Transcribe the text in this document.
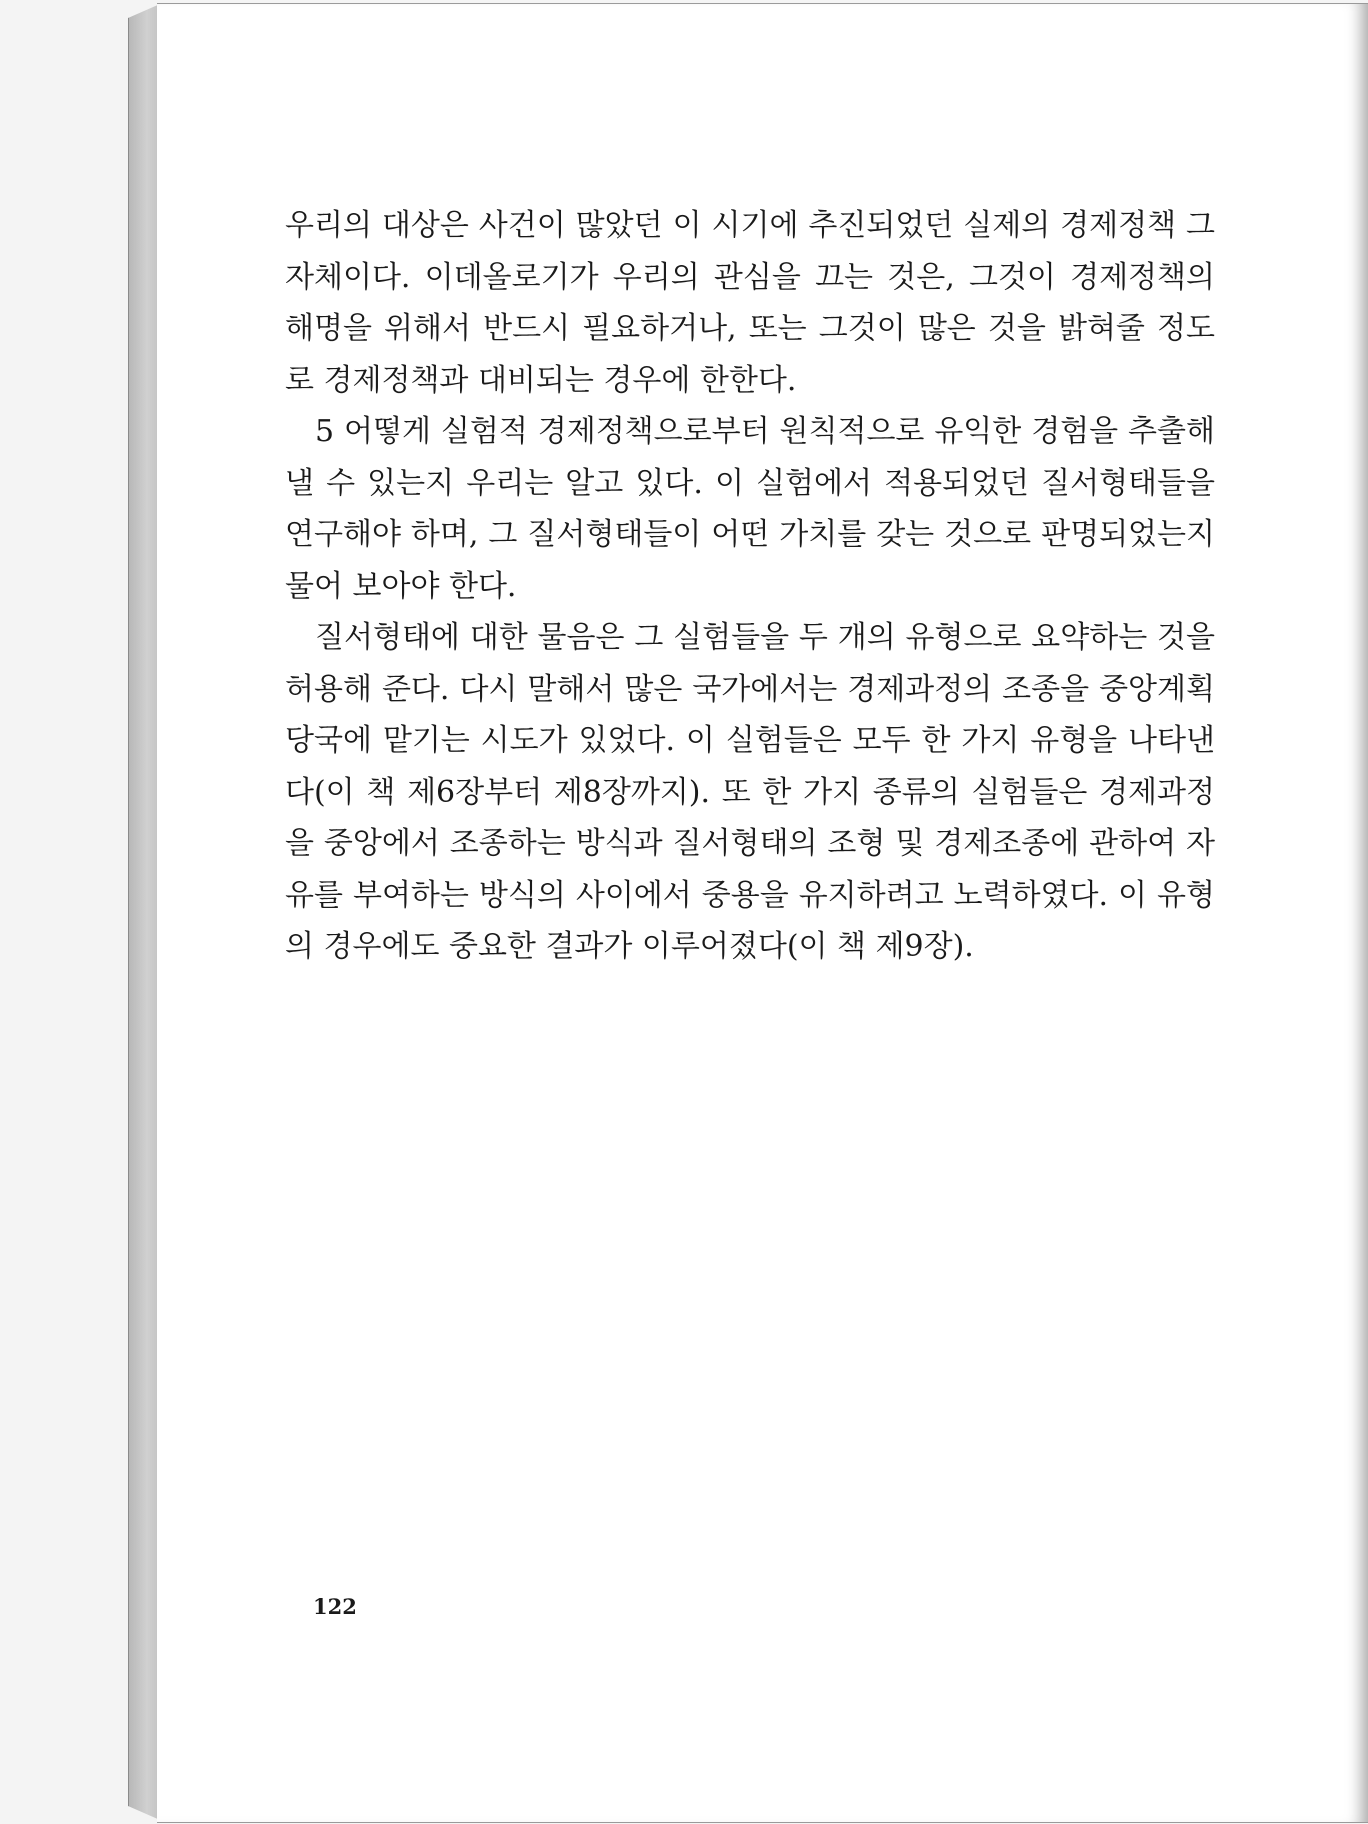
우리의 대상은 사건이 많았던 이 시기에 추진되었던 실제의 경제정책 그 자체이다. 이데올로기가 우리의 관심을 끄는 것은, 그것이 경제정책의 해명을 위해서 반드시 필요하거나, 또는 그것이 많은 것을 밝혀줄 정도로 경제정책과 대비되는 경우에 한한다.

5 어떻게 실험적 경제정책으로부터 원칙적으로 유익한 경험을 추출해 낼 수 있는지 우리는 알고 있다. 이 실험에서 적용되었던 질서형태들을 연구해야 하며, 그 질서형태들이 어떤 가치를 갖는 것으로 판명되었는지 물어 보아야 한다.

질서형태에 대한 물음은 그 실험들을 두 개의 유형으로 요약하는 것을 허용해 준다. 다시 말해서 많은 국가에서는 경제과정의 조종을 중앙계획 당국에 맡기는 시도가 있었다. 이 실험들은 모두 한 가지 유형을 나타낸다(이 책 제6장부터 제8장까지). 또 한 가지 종류의 실험들은 경제과정을 중앙에서 조종하는 방식과 질서형태의 조형 및 경제조종에 관하여 자유를 부여하는 방식의 사이에서 중용을 유지하려고 노력하였다. 이 유형의 경우에도 중요한 결과가 이루어졌다(이 책 제9장).

122
